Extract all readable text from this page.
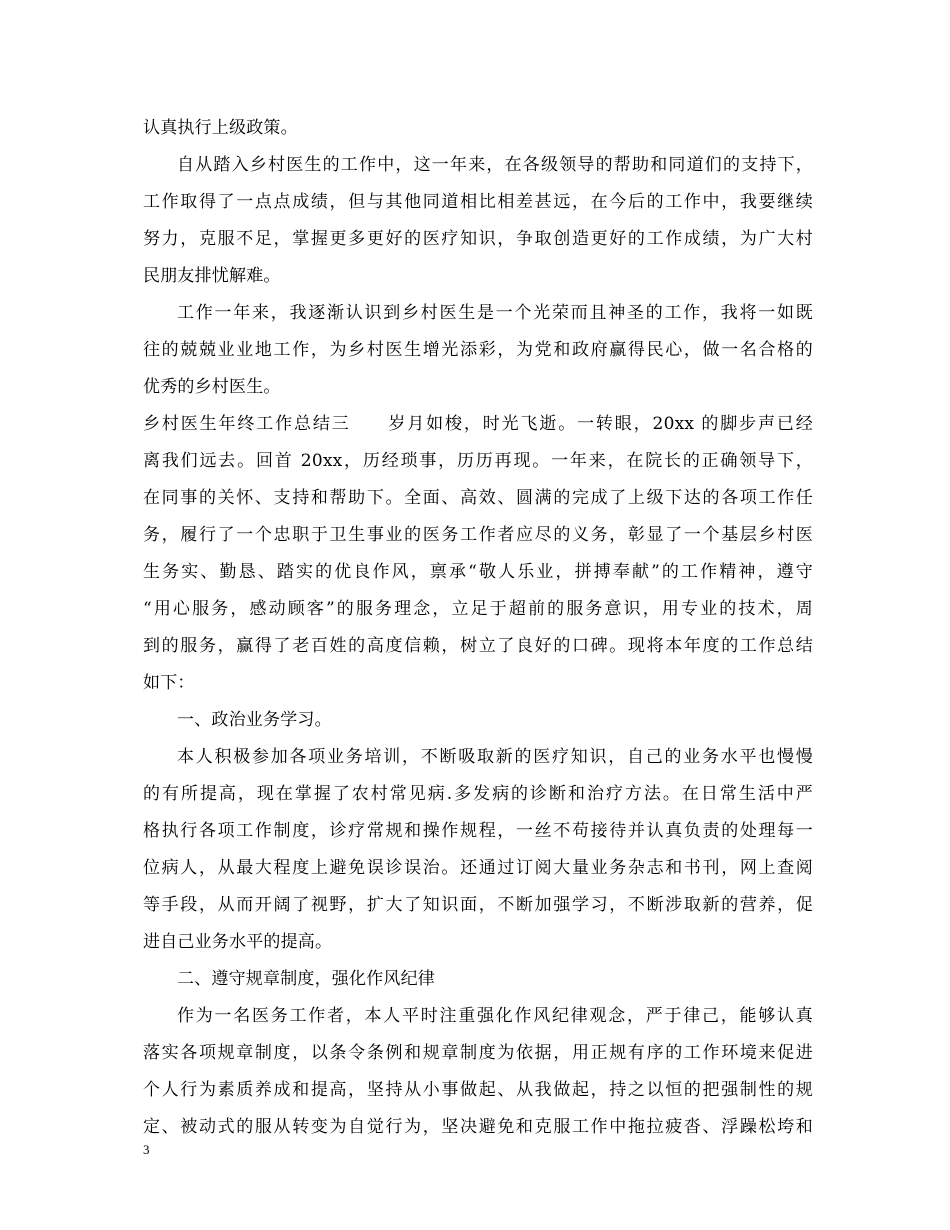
认真执行上级政策。
自从踏入乡村医生的工作中，这一年来，在各级领导的帮助和同道们的支持下，
工作取得了一点点成绩，但与其他同道相比相差甚远，在今后的工作中，我要继续
努力，克服不足，掌握更多更好的医疗知识，争取创造更好的工作成绩，为广大村
民朋友排忧解难。
工作一年来，我逐渐认识到乡村医生是一个光荣而且神圣的工作，我将一如既
往的兢兢业业地工作，为乡村医生增光添彩，为党和政府赢得民心，做一名合格的
优秀的乡村医生。
乡村医生年终工作总结三　　岁月如梭，时光飞逝。一转眼，20xx 的脚步声已经
离我们远去。回首 20xx，历经琐事，历历再现。一年来，在院长的正确领导下，
在同事的关怀、支持和帮助下。全面、高效、圆满的完成了上级下达的各项工作任
务，履行了一个忠职于卫生事业的医务工作者应尽的义务，彰显了一个基层乡村医
生务实、勤恳、踏实的优良作风，禀承“敬人乐业，拼搏奉献”的工作精神，遵守
“用心服务，感动顾客”的服务理念，立足于超前的服务意识，用专业的技术，周
到的服务，赢得了老百姓的高度信赖，树立了良好的口碑。现将本年度的工作总结
如下：
一、政治业务学习。
本人积极参加各项业务培训，不断吸取新的医疗知识，自己的业务水平也慢慢
的有所提高，现在掌握了农村常见病.多发病的诊断和治疗方法。在日常生活中严
格执行各项工作制度，诊疗常规和操作规程，一丝不苟接待并认真负责的处理每一
位病人，从最大程度上避免误诊误治。还通过订阅大量业务杂志和书刊，网上查阅
等手段，从而开阔了视野，扩大了知识面，不断加强学习，不断涉取新的营养，促
进自己业务水平的提高。
二、遵守规章制度，强化作风纪律
作为一名医务工作者，本人平时注重强化作风纪律观念，严于律己，能够认真
落实各项规章制度，以条令条例和规章制度为依据，用正规有序的工作环境来促进
个人行为素质养成和提高，坚持从小事做起、从我做起，持之以恒的把强制性的规
定、被动式的服从转变为自觉行为，坚决避免和克服工作中拖拉疲沓、浮躁松垮和
3
